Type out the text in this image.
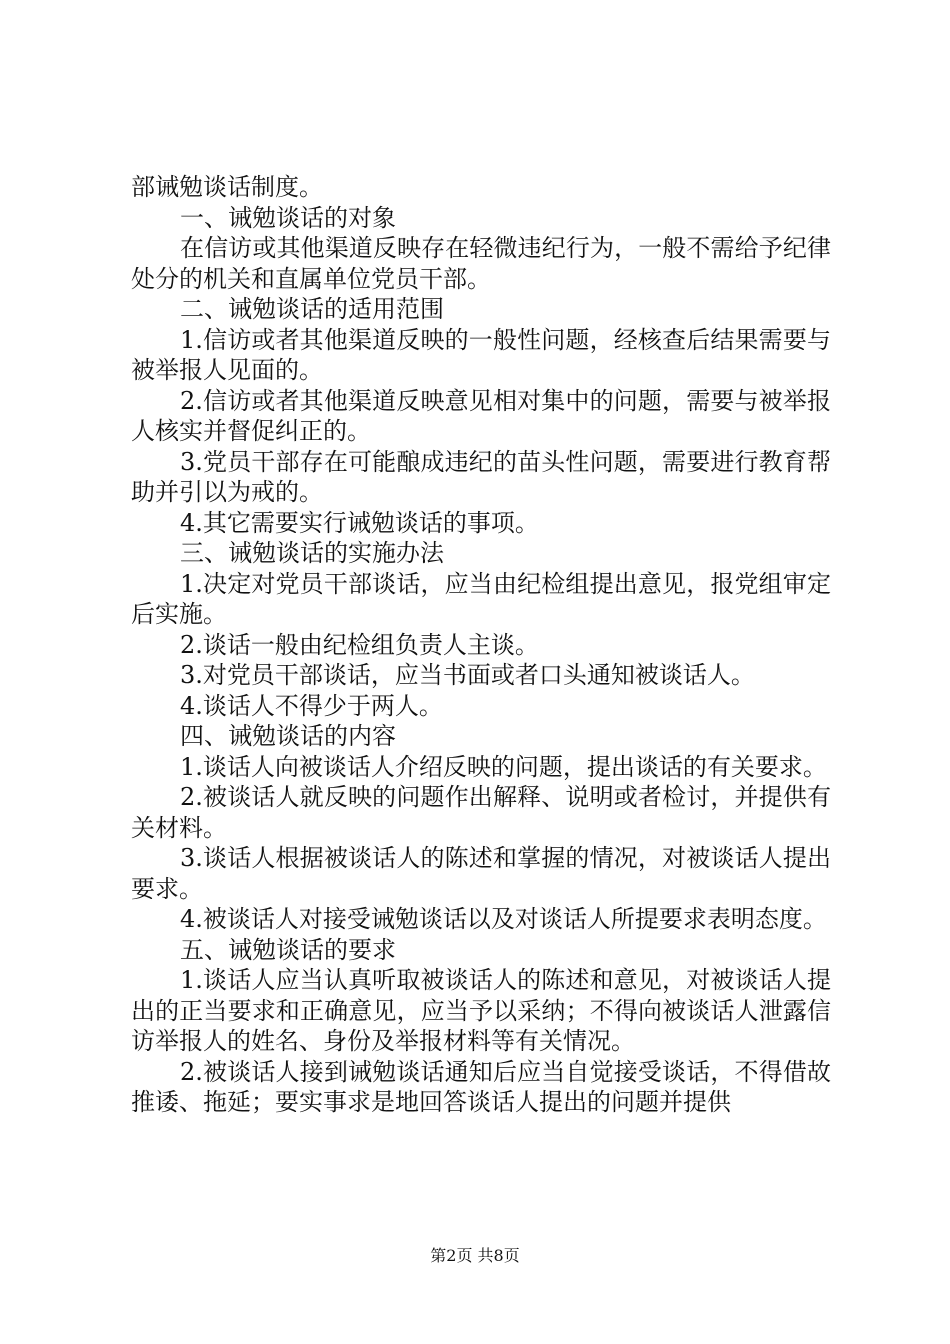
部诫勉谈话制度。

一、诫勉谈话的对象

在信访或其他渠道反映存在轻微违纪行为，一般不需给予纪律处分的机关和直属单位党员干部。

二、诫勉谈话的适用范围

1.信访或者其他渠道反映的一般性问题，经核查后结果需要与被举报人见面的。

2.信访或者其他渠道反映意见相对集中的问题，需要与被举报人核实并督促纠正的。

3.党员干部存在可能酿成违纪的苗头性问题，需要进行教育帮助并引以为戒的。

4.其它需要实行诫勉谈话的事项。

三、诫勉谈话的实施办法

1.决定对党员干部谈话，应当由纪检组提出意见，报党组审定后实施。

2.谈话一般由纪检组负责人主谈。

3.对党员干部谈话，应当书面或者口头通知被谈话人。

4.谈话人不得少于两人。

四、诫勉谈话的内容

1.谈话人向被谈话人介绍反映的问题，提出谈话的有关要求。

2.被谈话人就反映的问题作出解释、说明或者检讨，并提供有关材料。

3.谈话人根据被谈话人的陈述和掌握的情况，对被谈话人提出要求。

4.被谈话人对接受诫勉谈话以及对谈话人所提要求表明态度。

五、诫勉谈话的要求

1.谈话人应当认真听取被谈话人的陈述和意见，对被谈话人提出的正当要求和正确意见，应当予以采纳；不得向被谈话人泄露信访举报人的姓名、身份及举报材料等有关情况。

2.被谈话人接到诫勉谈话通知后应当自觉接受谈话，不得借故推诿、拖延；要实事求是地回答谈话人提出的问题并提供

第2页 共8页
